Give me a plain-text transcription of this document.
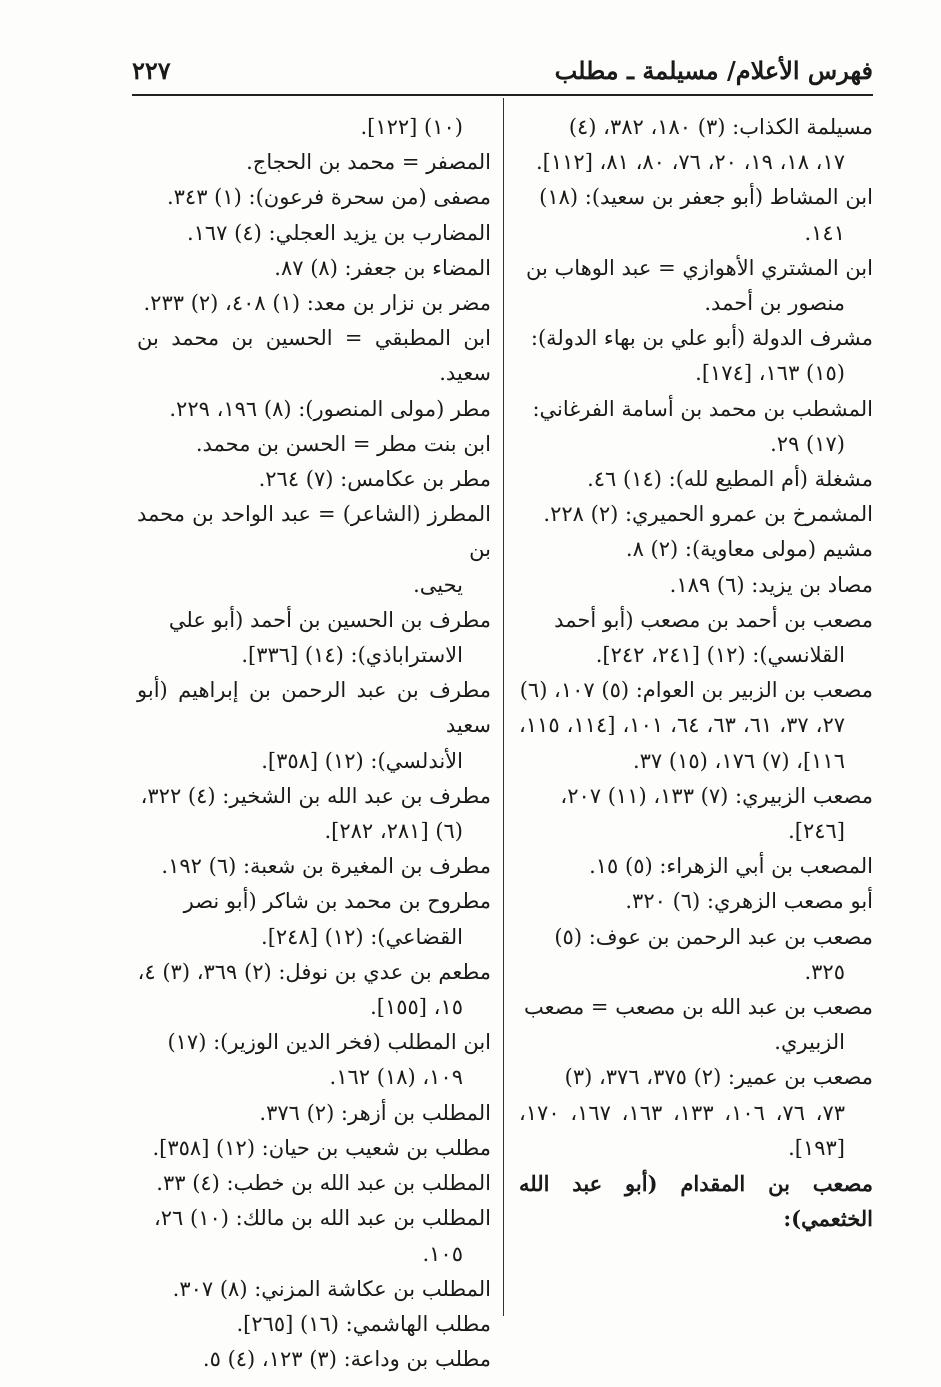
فهرس الأعلام/ مسيلمة ـ مطلب
٢٢٧

مسيلمة الكذاب: (٣) ١٨٠، ٣٨٢، (٤)
١٧، ١٨، ١٩، ٢٠، ٧٦، ٨٠، ٨١، [١١٢].

ابن المشاط (أبو جعفر بن سعيد): (١٨)
١٤١.

ابن المشتري الأهوازي = عبد الوهاب بن
منصور بن أحمد.

مشرف الدولة (أبو علي بن بهاء الدولة):
(١٥) ١٦٣، [١٧٤].

المشطب بن محمد بن أسامة الفرغاني:
(١٧) ٢٩.

مشغلة (أم المطيع لله): (١٤) ٤٦.

المشمرخ بن عمرو الحميري: (٢) ٢٢٨.

مشيم (مولى معاوية): (٢) ٨.

مصاد بن يزيد: (٦) ١٨٩.

مصعب بن أحمد بن مصعب (أبو أحمد
القلانسي): (١٢) [٢٤١، ٢٤٢].

مصعب بن الزبير بن العوام: (٥) ١٠٧، (٦)
٢٧، ٣٧، ٦١، ٦٣، ٦٤، ١٠١، [١١٤، ١١٥، ١١٦]، (٧) ١٧٦، (١٥) ٣٧.

مصعب الزبيري: (٧) ١٣٣، (١١) ٢٠٧،
[٢٤٦].

المصعب بن أبي الزهراء: (٥) ١٥.

أبو مصعب الزهري: (٦) ٣٢٠.

مصعب بن عبد الرحمن بن عوف: (٥)
٣٢٥.

مصعب بن عبد الله بن مصعب = مصعب
الزبيري.

مصعب بن عمير: (٢) ٣٧٥، ٣٧٦، (٣)
٧٣، ٧٦، ١٠٦، ١٣٣، ١٦٣، ١٦٧، ١٧٠، [١٩٣].

مصعب بن المقدام (أبو عبد الله الخثعمي):

(١٠) [١٢٢].

المصفر = محمد بن الحجاج.

مصفى (من سحرة فرعون): (١) ٣٤٣.

المضارب بن يزيد العجلي: (٤) ١٦٧.

المضاء بن جعفر: (٨) ٨٧.

مضر بن نزار بن معد: (١) ٤٠٨، (٢) ٢٣٣.

ابن المطبقي = الحسين بن محمد بن سعيد.

مطر (مولى المنصور): (٨) ١٩٦، ٢٢٩.

ابن بنت مطر = الحسن بن محمد.

مطر بن عكامس: (٧) ٢٦٤.

المطرز (الشاعر) = عبد الواحد بن محمد بن
يحيى.

مطرف بن الحسين بن أحمد (أبو علي
الاستراباذي): (١٤) [٣٣٦].

مطرف بن عبد الرحمن بن إبراهيم (أبو سعيد
الأندلسي): (١٢) [٣٥٨].

مطرف بن عبد الله بن الشخير: (٤) ٣٢٢،
(٦) [٢٨١، ٢٨٢].

مطرف بن المغيرة بن شعبة: (٦) ١٩٢.

مطروح بن محمد بن شاكر (أبو نصر
القضاعي): (١٢) [٢٤٨].

مطعم بن عدي بن نوفل: (٢) ٣٦٩، (٣) ٤،
١٥، [١٥٥].

ابن المطلب (فخر الدين الوزير): (١٧)
١٠٩، (١٨) ١٦٢.

المطلب بن أزهر: (٢) ٣٧٦.

مطلب بن شعيب بن حيان: (١٢) [٣٥٨].

المطلب بن عبد الله بن خطب: (٤) ٣٣.

المطلب بن عبد الله بن مالك: (١٠) ٢٦،
١٠٥.

المطلب بن عكاشة المزني: (٨) ٣٠٧.

مطلب الهاشمي: (١٦) [٢٦٥].

مطلب بن وداعة: (٣) ١٢٣، (٤) ٥.
